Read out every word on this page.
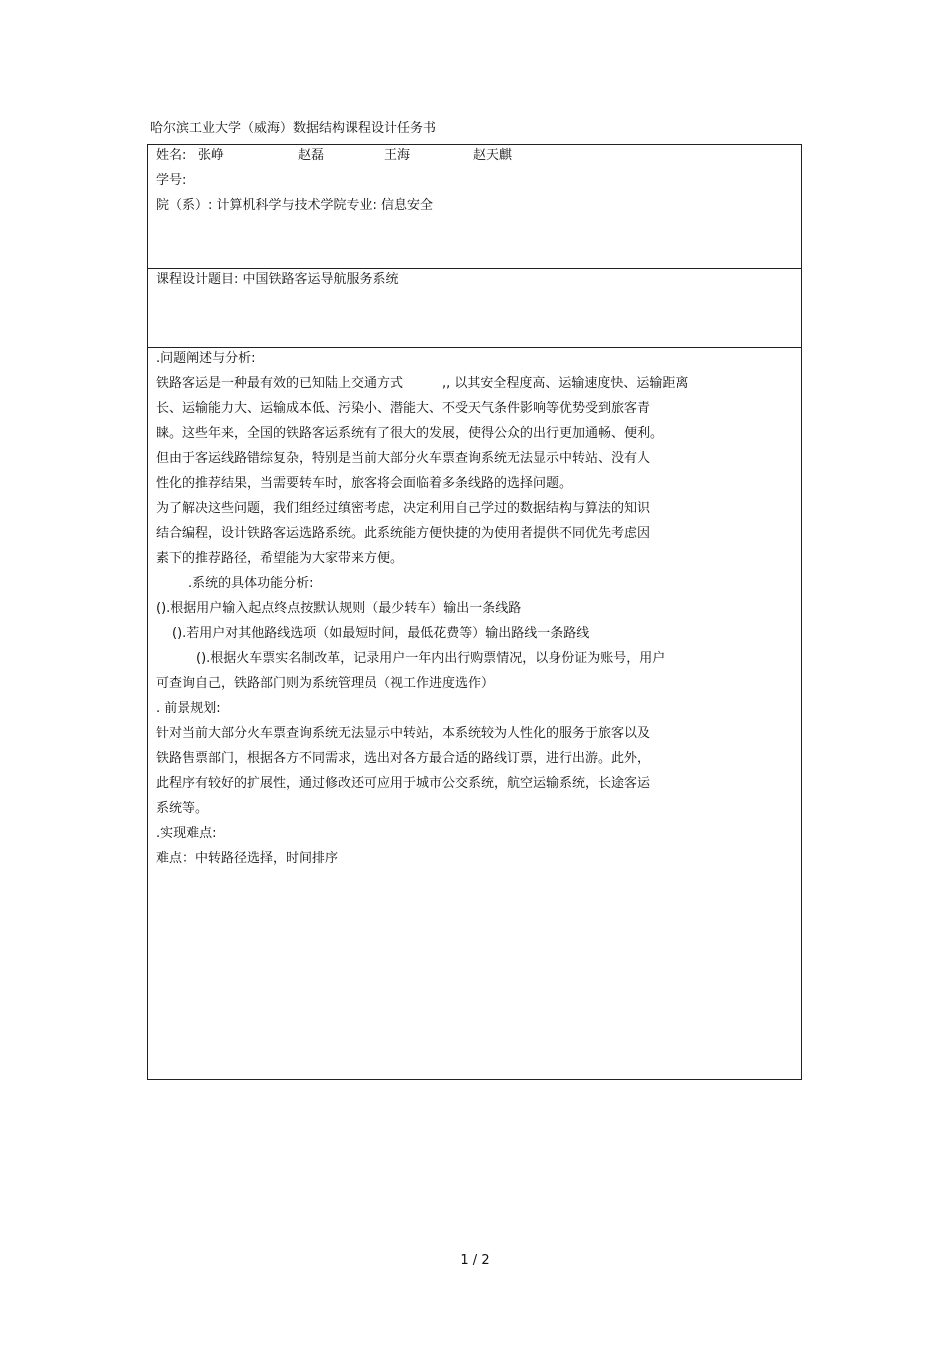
哈尔滨工业大学（威海）数据结构课程设计任务书
姓名: 张峥	赵磊	王海	赵天麒
学号:
院（系）: 计算机科学与技术学院专业: 信息安全
课程设计题目: 中国铁路客运导航服务系统
.问题阐述与分析:
铁路客运是一种最有效的已知陆上交通方式　　　,, 以其安全程度高、运输速度快、运输距离
长、运输能力大、运输成本低、污染小、潜能大、不受天气条件影响等优势受到旅客青
睐。这些年来，全国的铁路客运系统有了很大的发展，使得公众的出行更加通畅、便利。
但由于客运线路错综复杂，特别是当前大部分火车票查询系统无法显示中转站、没有人
性化的推荐结果，当需要转车时，旅客将会面临着多条线路的选择问题。
为了解决这些问题，我们组经过缜密考虑，决定利用自己学过的数据结构与算法的知识
结合编程，设计铁路客运选路系统。此系统能方便快捷的为使用者提供不同优先考虑因
素下的推荐路径，希望能为大家带来方便。
.系统的具体功能分析:
().根据用户输入起点终点按默认规则（最少转车）输出一条线路
().若用户对其他路线选项（如最短时间，最低花费等）输出路线一条路线
().根据火车票实名制改革，记录用户一年内出行购票情况，以身份证为账号，用户
可查询自己，铁路部门则为系统管理员（视工作进度选作）
. 前景规划:
针对当前大部分火车票查询系统无法显示中转站，本系统较为人性化的服务于旅客以及
铁路售票部门，根据各方不同需求，选出对各方最合适的路线订票，进行出游。此外，
此程序有较好的扩展性，通过修改还可应用于城市公交系统，航空运输系统，长途客运
系统等。
.实现难点:
难点：中转路径选择，时间排序
1 / 2
